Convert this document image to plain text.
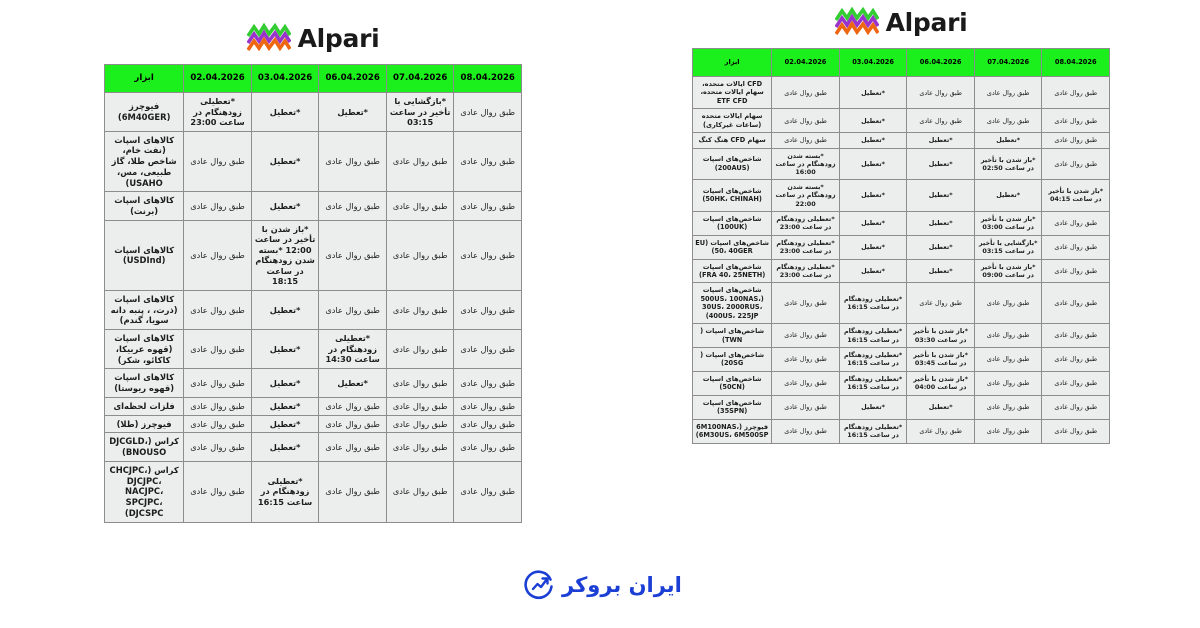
Alpari
08.04.2026	07.04.2026	06.04.2026	03.04.2026	02.04.2026	ابزار
طبق روال عادی	*بازگشایی با تأخیر در ساعت 03:15	*تعطیل	*تعطیل	*تعطیلی زودهنگام در ساعت 23:00	فیوچرز (6M40GER)
طبق روال عادی	طبق روال عادی	طبق روال عادی	*تعطیل	طبق روال عادی	کالاهای اسپات (نفت خام، شاخص طلا، گاز طبیعی، مس، USAHO)
طبق روال عادی	طبق روال عادی	طبق روال عادی	*تعطیل	طبق روال عادی	کالاهای اسپات (برنت)
طبق روال عادی	طبق روال عادی	طبق روال عادی	*باز شدن با تأخیر در ساعت 12:00 *بسته شدن زودهنگام در ساعت 18:15	طبق روال عادی	کالاهای اسپات (USDInd)
طبق روال عادی	طبق روال عادی	طبق روال عادی	*تعطیل	طبق روال عادی	کالاهای اسپات (ذرت، ، پنبه دانه سویا، گندم)
طبق روال عادی	طبق روال عادی	*تعطیلی زودهنگام در ساعت 14:30	*تعطیل	طبق روال عادی	کالاهای اسپات (قهوه عربیکا، کاکائو، شکر)
طبق روال عادی	طبق روال عادی	*تعطیل	*تعطیل	طبق روال عادی	کالاهای اسپات (قهوه ریوستا)
طبق روال عادی	طبق روال عادی	طبق روال عادی	*تعطیل	طبق روال عادی	فلزات لحظه‌ای
طبق روال عادی	طبق روال عادی	طبق روال عادی	*تعطیل	طبق روال عادی	فیوچرز (طلا)
طبق روال عادی	طبق روال عادی	طبق روال عادی	*تعطیل	طبق روال عادی	کراس (DJCGLD، BNOUSO)
طبق روال عادی	طبق روال عادی	طبق روال عادی	*تعطیلی زودهنگام در ساعت 16:15	طبق روال عادی	کراس (CHCJPC، DJCJPC، NACJPC، SPCJPC، DJCSPC)
Alpari
08.04.2026	07.04.2026	06.04.2026	03.04.2026	02.04.2026	ابزار
طبق روال عادی	طبق روال عادی	طبق روال عادی	*تعطیل	طبق روال عادی	CFD ایالات متحده، سهام ایالات متحده، ETF CFD
طبق روال عادی	طبق روال عادی	طبق روال عادی	*تعطیل	طبق روال عادی	سهام ایالات متحده (ساعات غیرکاری)
طبق روال عادی	*تعطیل	*تعطیل	*تعطیل	طبق روال عادی	سهام CFD هنگ کنگ
طبق روال عادی	*باز شدن با تأخیر در ساعت 02:50	*تعطیل	*تعطیل	*بسته شدن زودهنگام در ساعت 16:00	شاخص‌های اسپات (200AUS)
*باز شدن با تأخیر در ساعت 04:15	*تعطیل	*تعطیل	*تعطیل	*بسته شدن زودهنگام در ساعت 22:00	شاخص‌های اسپات (50HK، CHINAH)
طبق روال عادی	*باز شدن با تأخیر در ساعت 03:00	*تعطیل	*تعطیل	*تعطیلی زودهنگام در ساعت 23:00	شاخص‌های اسپات (100UK)
طبق روال عادی	*بازگشایی با تأخیر در ساعت 03:15	*تعطیل	*تعطیل	*تعطیلی زودهنگام در ساعت 23:00	شاخص‌های اسپات (EU 50، 40GER)
طبق روال عادی	*باز شدن با تأخیر در ساعت 09:00	*تعطیل	*تعطیل	*تعطیلی زودهنگام در ساعت 23:00	شاخص‌های اسپات (FRA 40، 25NETH)
طبق روال عادی	طبق روال عادی	طبق روال عادی	*تعطیلی زودهنگام در ساعت 16:15	طبق روال عادی	شاخص‌های اسپات (500US، 100NAS، 30US، 2000RUS، 400US، 225JP)
طبق روال عادی	طبق روال عادی	*باز شدن با تأخیر در ساعت 03:30	*تعطیلی زودهنگام در ساعت 16:15	طبق روال عادی	شاخص‌های اسپات ( TWN)
طبق روال عادی	طبق روال عادی	*باز شدن با تأخیر در ساعت 03:45	*تعطیلی زودهنگام در ساعت 16:15	طبق روال عادی	شاخص‌های اسپات ( 20SG)
طبق روال عادی	طبق روال عادی	*باز شدن با تأخیر در ساعت 04:00	*تعطیلی زودهنگام در ساعت 16:15	طبق روال عادی	شاخص‌های اسپات (50CN)
طبق روال عادی	طبق روال عادی	*تعطیل	*تعطیل	طبق روال عادی	شاخص‌های اسپات (35SPN)
طبق روال عادی	طبق روال عادی	طبق روال عادی	*تعطیلی زودهنگام در ساعت 16:15	طبق روال عادی	فیوچرز (6M100NAS، 6M30US، 6M500SP)
ایران بروکر
